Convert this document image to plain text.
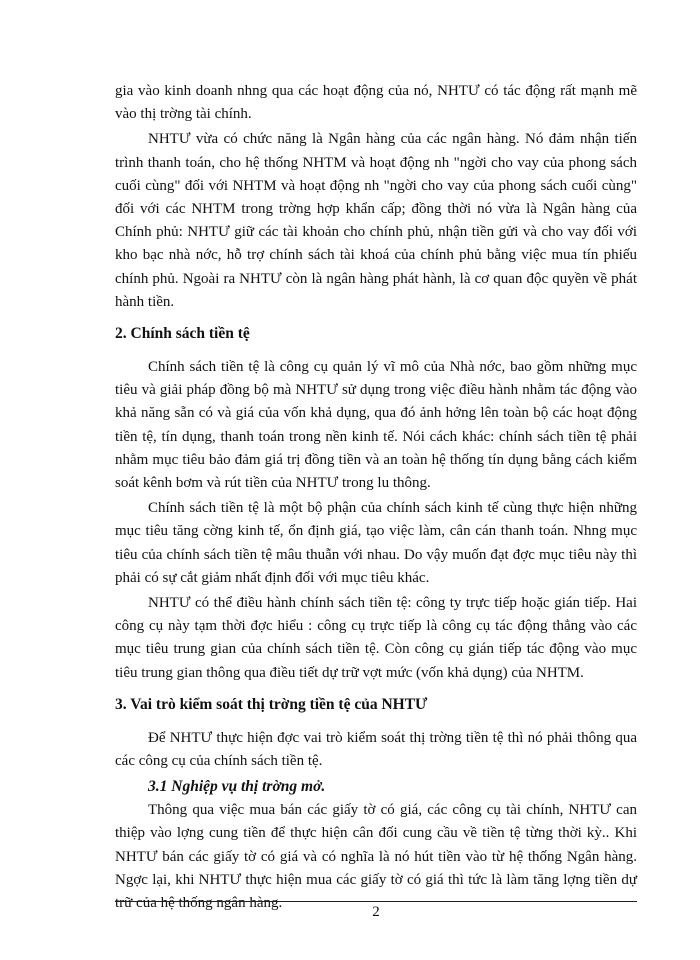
gia vào kinh doanh nhng qua các hoạt động của nó, NHTƯ có tác động rất mạnh mẽ vào thị trờng tài chính.

NHTƯ vừa có chức năng là Ngân hàng của các ngân hàng. Nó đảm nhận tiến trình thanh toán, cho hệ thống NHTM và hoạt động nh "ngời cho vay của phong sách cuối cùng" đối với NHTM và hoạt động nh "ngời cho vay của phong sách cuối cùng" đối với các NHTM trong trờng hợp khẩn cấp; đồng thời nó vừa là Ngân hàng của Chính phủ: NHTƯ giữ các tài khoản cho chính phủ, nhận tiền gửi và cho vay đối với kho bạc nhà nớc, hỗ trợ chính sách tài khoá của chính phủ bằng việc mua tín phiếu chính phủ. Ngoài ra NHTƯ còn là ngân hàng phát hành, là cơ quan độc quyền về phát hành tiền.

2. Chính sách tiền tệ

Chính sách tiền tệ là công cụ quản lý vĩ mô của Nhà nớc, bao gồm những mục tiêu và giải pháp đồng bộ mà NHTƯ sử dụng trong việc điều hành nhằm tác động vào khả năng sẵn có và giá của vốn khả dụng, qua đó ảnh hởng lên toàn bộ các hoạt động tiền tệ, tín dụng, thanh toán trong nền kinh tế. Nói cách khác: chính sách tiền tệ phải nhằm mục tiêu bảo đảm giá trị đồng tiền và an toàn hệ thống tín dụng bằng cách kiểm soát kênh bơm và rút tiền của NHTƯ trong lu thông.

Chính sách tiền tệ là một bộ phận của chính sách kinh tế cùng thực hiện những mục tiêu tăng cờng kinh tế, ổn định giá, tạo việc làm, cân cán thanh toán. Nhng mục tiêu của chính sách tiền tệ mâu thuẫn với nhau. Do vậy muốn đạt đợc mục tiêu này thì phải có sự cắt giảm nhất định đối với mục tiêu khác.

NHTƯ có thể điều hành chính sách tiền tệ: công ty trực tiếp hoặc gián tiếp. Hai công cụ này tạm thời đợc hiểu : công cụ trực tiếp là công cụ tác động thẳng vào các mục tiêu trung gian của chính sách tiền tệ. Còn công cụ gián tiếp tác động vào mục tiêu trung gian thông qua điều tiết dự trữ vợt mức (vốn khả dụng) của NHTM.

3. Vai trò kiểm soát thị trờng tiền tệ của NHTƯ

Để NHTƯ thực hiện đợc vai trò kiểm soát thị trờng tiền tệ thì nó phải thông qua các công cụ của chính sách tiền tệ.

3.1 Nghiệp vụ thị trờng mở.

Thông qua việc mua bán các giấy tờ có giá, các công cụ tài chính, NHTƯ can thiệp vào lợng cung tiền để thực hiện cân đối cung cầu về tiền tệ từng thời kỳ.. Khi NHTƯ bán các giấy tờ có giá và có nghĩa là nó hút tiền vào từ hệ thống Ngân hàng. Ngợc lại, khi NHTƯ thực hiện mua các giấy tờ có giá thì tức là làm tăng lợng tiền dự trữ của hệ thống ngân hàng.

2
